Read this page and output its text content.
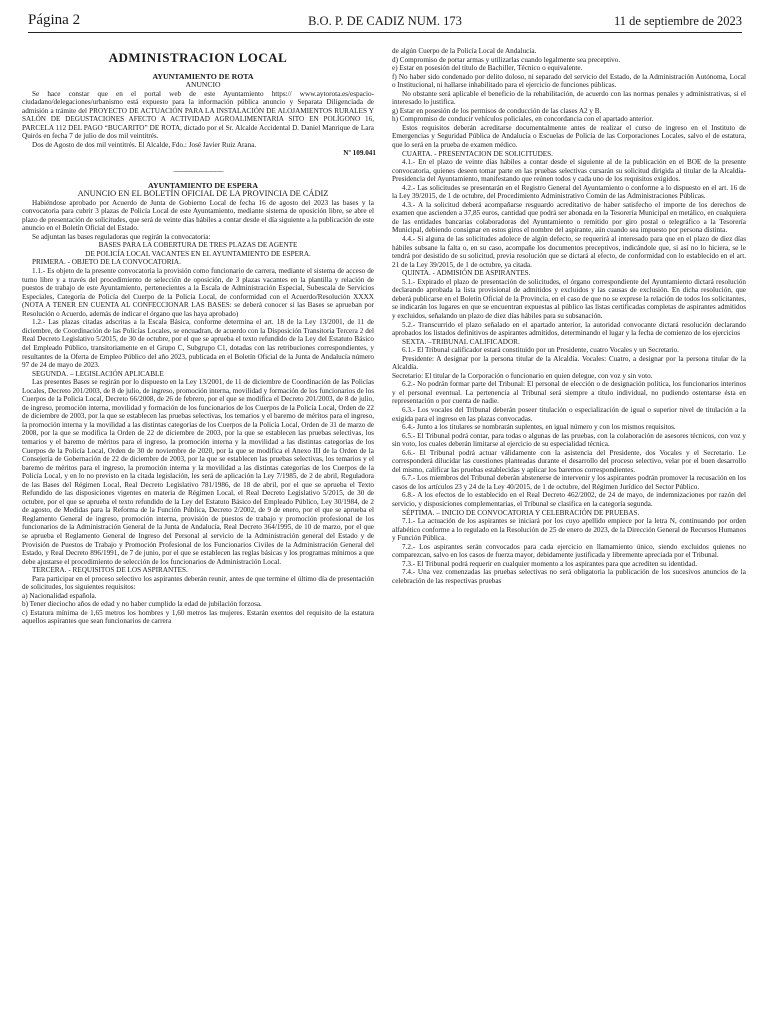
Página 2	B.O. P. DE CADIZ NUM. 173	11 de septiembre de 2023
ADMINISTRACION LOCAL

AYUNTAMIENTO DE ROTA

ANUNCIO

Se hace constar que en el portal web de este Ayuntamiento https:// www.aytorota.es/espacio-ciudadano/delegaciones/urbanismo está expuesto para la información pública anuncio y Separata Diligenciada de admisión a trámite del PROYECTO DE ACTUACIÓN PARA LA INSTALACIÓN DE ALOJAMIENTOS RURALES Y SALÓN DE DEGUSTACIONES AFECTO A ACTIVIDAD AGROALIMENTARIA SITO EN POLÍGONO 16, PARCELA 112 DEL PAGO “BUCARITO” DE ROTA, dictado por el Sr. Alcalde Accidental D. Daniel Manrique de Lara Quirós en fecha 7 de julio de dos mil veintitrés.

Dos de Agosto de dos mil veintitrés. El Alcalde, Fdo.: José Javier Ruiz Arana.

Nº 109.041

___________________

AYUNTAMIENTO DE ESPERA

ANUNCIO EN EL BOLETÍN OFICIAL DE LA PROVINCIA DE CÁDIZ

Habiéndose aprobado por Acuerdo de Junta de Gobierno Local de fecha 16 de agosto del 2023 las bases y la convocatoria para cubrir 3 plazas de Policía Local de este Ayuntamiento, mediante sistema de oposición libre, se abre el plazo de presentación de solicitudes, que será de veinte días hábiles a contar desde el día siguiente a la publicación de este anuncio en el Boletín Oficial del Estado.

Se adjuntan las bases reguladoras que regirán la convocatoria:

BASES PARA LA COBERTURA DE TRES PLAZAS DE AGENTE

DE POLICÍA LOCAL VACANTES EN EL AYUNTAMIENTO DE ESPERA.

PRIMERA. - OBJETO DE LA CONVOCATORIA.

1.1.- Es objeto de la presente convocatoria la provisión como funcionario de carrera, mediante el sistema de acceso de turno libre y a través del procedimiento de selección de oposición, de 3 plazas vacantes en la plantilla y relación de puestos de trabajo de este Ayuntamiento, pertenecientes a la Escala de Administración Especial, Subescala de Servicios Especiales, Categoría de Policía del Cuerpo de la Policía Local, de conformidad con el Acuerdo/Resolución XXXX (NOTA A TENER EN CUENTA AL CONFECCIONAR LAS BASES: se deberá conocer si las Bases se aprueban por Resolución o Acuerdo, además de indicar el órgano que las haya aprobado)

1.2.- Las plazas citadas adscritas a la Escala Básica, conforme determina el art. 18 de la Ley 13/2001, de 11 de diciembre, de Coordinación de las Policías Locales, se encuadran, de acuerdo con la Disposición Transitoria Tercera 2 del Real Decreto Legislativo 5/2015, de 30 de octubre, por el que se aprueba el texto refundido de la Ley del Estatuto Básico del Empleado Público, transitoriamente en el Grupo C, Subgrupo C1, dotadas con las retribuciones correspondientes, y resultantes de la Oferta de Empleo Público del año 2023, publicada en el Boletín Oficial de la Junta de Andalucía número 97 de 24 de mayo de 2023.

SEGUNDA. – LEGISLACIÓN APLICABLE

Las presentes Bases se regirán por lo dispuesto en la Ley 13/2001, de 11 de diciembre de Coordinación de las Policías Locales, Decreto 201/2003, de 8 de julio, de ingreso, promoción interna, movilidad y formación de los funcionarios de los Cuerpos de la Policía Local, Decreto 66/2008, de 26 de febrero, por el que se modifica el Decreto 201/2003, de 8 de julio, de ingreso, promoción interna, movilidad y formación de los funcionarios de los Cuerpos de la Policía Local, Orden de 22 de diciembre de 2003, por la que se establecen las pruebas selectivas, los temarios y el baremo de méritos para el ingreso, la promoción interna y la movilidad a las distintas categorías de los Cuerpos de la Policía Local, Orden de 31 de marzo de 2008, por la que se modifica la Orden de 22 de diciembre de 2003, por la que se establecen las pruebas selectivas, los temarios y el baremo de méritos para el ingreso, la promoción interna y la movilidad a las distintas categorías de los Cuerpos de la Policía Local, Orden de 30 de noviembre de 2020, por la que se modifica el Anexo III de la Orden de la Consejería de Gobernación de 22 de diciembre de 2003, por la que se establecen las pruebas selectivas, los temarios y el baremo de méritos para el ingreso, la promoción interna y la movilidad a las distintas categorías de los Cuerpos de la Policía Local, y en lo no previsto en la citada legislación, les será de aplicación la Ley 7/1985, de 2 de abril, Reguladora de las Bases del Régimen Local, Real Decreto Legislativo 781/1986, de 18 de abril, por el que se aprueba el Texto Refundido de las disposiciones vigentes en materia de Régimen Local, el Real Decreto Legislativo 5/2015, de 30 de octubre, por el que se aprueba el texto refundido de la Ley del Estatuto Básico del Empleado Público, Ley 30/1984, de 2 de agosto, de Medidas para la Reforma de la Función Pública, Decreto 2/2002, de 9 de enero, por el que se aprueba el Reglamento General de ingreso, promoción interna, provisión de puestos de trabajo y promoción profesional de los funcionarios de la Administración General de la Junta de Andalucía, Real Decreto 364/1995, de 10 de marzo, por el que se aprueba el Reglamento General de Ingreso del Personal al servicio de la Administración general del Estado y de Provisión de Puestos de Trabajo y Promoción Profesional de los Funcionarios Civiles de la Administración General del Estado, y Real Decreto 896/1991, de 7 de junio, por el que se establecen las reglas básicas y los programas mínimos a que debe ajustarse el procedimiento de selección de los funcionarios de Administración Local.

TERCERA. - REQUISITOS DE LOS ASPIRANTES.

Para participar en el proceso selectivo los aspirantes deberán reunir, antes de que termine el último día de presentación de solicitudes, los siguientes requisitos:

a) Nacionalidad española.

b) Tener dieciocho años de edad y no haber cumplido la edad de jubilación forzosa.

c) Estatura mínima de 1,65 metros los hombres y 1,60 metros las mujeres. Estarán exentos del requisito de la estatura aquellos aspirantes que sean funcionarios de carrera

de algún Cuerpo de la Policía Local de Andalucía.

d) Compromiso de portar armas y utilizarlas cuando legalmente sea preceptivo.

e) Estar en posesión del título de Bachiller, Técnico o equivalente.

f) No haber sido condenado por delito doloso, ni separado del servicio del Estado, de la Administración Autónoma, Local o Institucional, ni hallarse inhabilitado para el ejercicio de funciones públicas.

No obstante será aplicable el beneficio de la rehabilitación, de acuerdo con las normas penales y administrativas, si el interesado lo justifica.

g) Estar en posesión de los permisos de conducción de las clases A2 y B.

h) Compromiso de conducir vehículos policiales, en concordancia con el apartado anterior.

Estos requisitos deberán acreditarse documentalmente antes de realizar el curso de ingreso en el Instituto de Emergencias y Seguridad Pública de Andalucía o Escuelas de Policía de las Corporaciones Locales, salvo el de estatura, que lo será en la prueba de examen médico.

CUARTA. - PRESENTACION DE SOLICITUDES.

4.1.- En el plazo de veinte días hábiles a contar desde el siguiente al de la publicación en el BOE de la presente convocatoria, quienes deseen tomar parte en las pruebas selectivas cursarán su solicitud dirigida al titular de la Alcaldía-Presidencia del Ayuntamiento, manifestando que reúnen todos y cada uno de los requisitos exigidos.

4.2.- Las solicitudes se presentarán en el Registro General del Ayuntamiento o conforme a lo dispuesto en el art. 16 de la Ley 39/2015, de 1 de octubre, del Procedimiento Administrativo Común de las Administraciones Públicas.

4.3.- A la solicitud deberá acompañarse resguardo acreditativo de haber satisfecho el importe de los derechos de examen que ascienden a 37,85 euros, cantidad que podrá ser abonada en la Tesorería Municipal en metálico, en cualquiera de las entidades bancarias colaboradoras del Ayuntamiento o remitido por giro postal o telegráfico a la Tesorería Municipal, debiendo consignar en estos giros el nombre del aspirante, aún cuando sea impuesto por persona distinta.

4.4.- Si alguna de las solicitudes adolece de algún defecto, se requerirá al interesado para que en el plazo de diez días hábiles subsane la falta o, en su caso, acompañe los documentos preceptivos, indicándole que, si así no lo hiciera, se le tendrá por desistido de su solicitud, previa resolución que se dictará al efecto, de conformidad con lo establecido en el art. 21 de la Ley 39/2015, de 1 de octubre, ya citada.

QUINTA. - ADMISIÓN DE ASPIRANTES.

5.1.- Expirado el plazo de presentación de solicitudes, el órgano correspondiente del Ayuntamiento dictará resolución declarando aprobada la lista provisional de admitidos y excluidos y las causas de exclusión. En dicha resolución, que deberá publicarse en el Boletín Oficial de la Provincia, en el caso de que no se exprese la relación de todos los solicitantes, se indicarán los lugares en que se encuentran expuestas al público las listas certificadas completas de aspirantes admitidos y excluidos, señalando un plazo de diez días hábiles para su subsanación.

5.2.- Transcurrido el plazo señalado en el apartado anterior, la autoridad convocante dictará resolución declarando aprobados los listados definitivos de aspirantes admitidos, determinando el lugar y la fecha de comienzo de los ejercicios

SEXTA. –TRIBUNAL CALIFICADOR.

6.1.- El Tribunal calificador estará constituido por un Presidente, cuatro Vocales y un Secretario.

Presidente: A designar por la persona titular de la Alcaldía. Vocales: Cuatro, a designar por la persona titular de la Alcaldía.

Secretario: El titular de la Corporación o funcionario en quien delegue, con voz y sin voto.

6.2.- No podrán formar parte del Tribunal: El personal de elección o de designación política, los funcionarios interinos y el personal eventual. La pertenencia al Tribunal será siempre a título individual, no pudiendo ostentarse ésta en representación o por cuenta de nadie.

6.3.- Los vocales del Tribunal deberán poseer titulación o especialización de igual o superior nivel de titulación a la exigida para el ingreso en las plazas convocadas.

6.4.- Junto a los titulares se nombrarán suplentes, en igual número y con los mismos requisitos.

6.5.- El Tribunal podrá contar, para todas o algunas de las pruebas, con la colaboración de asesores técnicos, con voz y sin voto, los cuales deberán limitarse al ejercicio de su especialidad técnica.

6.6.- El Tribunal podrá actuar válidamente con la asistencia del Presidente, dos Vocales y el Secretario. Le corresponderá dilucidar las cuestiones planteadas durante el desarrollo del proceso selectivo, velar por el buen desarrollo del mismo, calificar las pruebas establecidas y aplicar los baremos correspondientes.

6.7.- Los miembros del Tribunal deberán abstenerse de intervenir y los aspirantes podrán promover la recusación en los casos de los artículos 23 y 24 de la Ley 40/2015, de 1 de octubre, del Régimen Jurídico del Sector Público.

6.8.- A los efectos de lo establecido en el Real Decreto 462/2002, de 24 de mayo, de indemnizaciones por razón del servicio, y disposiciones complementarias, el Tribunal se clasifica en la categoría segunda.

SÉPTIMA. – INICIO DE CONVOCATORIA Y CELEBRACIÓN DE PRUEBAS.

7.1.- La actuación de los aspirantes se iniciará por los cuyo apellido empiece por la letra N, continuando por orden alfabético conforme a lo regulado en la Resolución de 25 de enero de 2023, de la Dirección General de Recursos Humanos y Función Pública.

7.2.- Los aspirantes serán convocados para cada ejercicio en llamamiento único, siendo excluidos quienes no comparezcan, salvo en los casos de fuerza mayor, debidamente justificada y libremente apreciada por el Tribunal.

7.3.- El Tribunal podrá requerir en cualquier momento a los aspirantes para que acrediten su identidad.

7.4.- Una vez comenzadas las pruebas selectivas no será obligatoria la publicación de los sucesivos anuncios de la celebración de las respectivas pruebas
